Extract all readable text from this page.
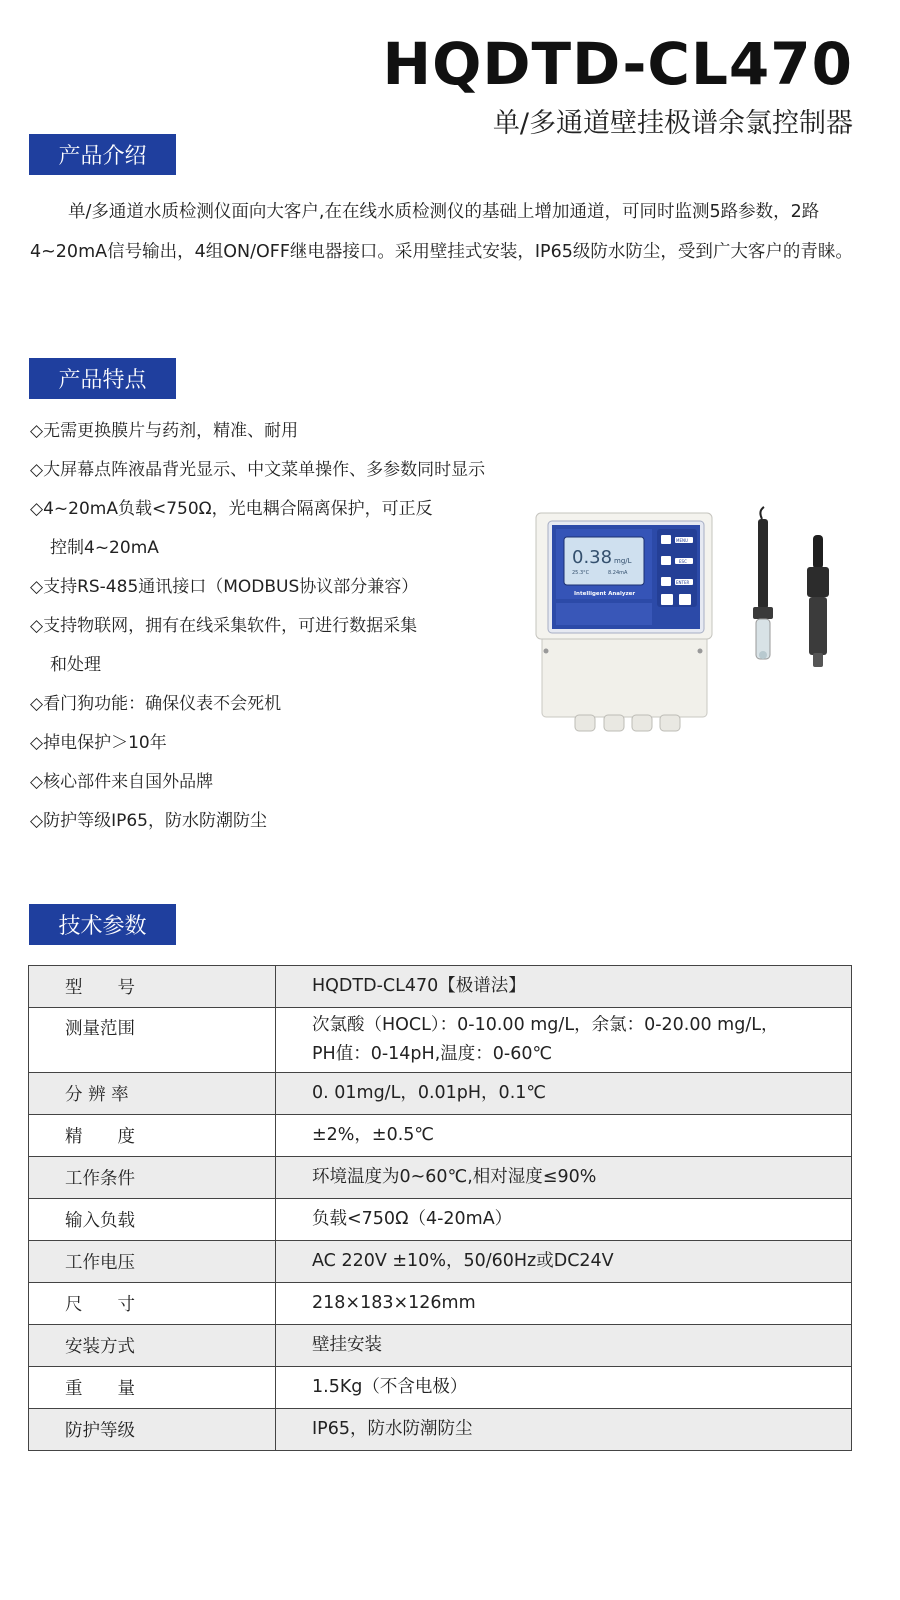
HQDTD-CL470
单/多通道壁挂极谱余氯控制器
产品介绍

单/多通道水质检测仪面向大客户,在在线水质检测仪的基础上增加通道，可同时监测5路参数，2路4~20mA信号输出，4组ON/OFF继电器接口。采用壁挂式安装，IP65级防水防尘，受到广大客户的青睐。

产品特点
◇无需更换膜片与药剂，精准、耐用
◇大屏幕点阵液晶背光显示、中文菜单操作、多参数同时显示
◇4~20mA负载<750Ω，光电耦合隔离保护，可正反
控制4~20mA
◇支持RS-485通讯接口（MODBUS协议部分兼容）
◇支持物联网，拥有在线采集软件，可进行数据采集
和处理
◇看门狗功能：确保仪表不会死机
◇掉电保护＞10年
◇核心部件来自国外品牌
◇防护等级IP65，防水防潮防尘
0.38 mg/L
25.3°C	8.24mA
Intelligent Analyzer
MENU
ESC
ENTER
技术参数
型　　号	HQDTD-CL470【极谱法】
测量范围	次氯酸（HOCL）：0-10.00 mg/L，余氯：0-20.00 mg/L，
PH值：0-14pH,温度：0-60℃
分 辨 率	0. 01mg/L，0.01pH，0.1℃
精　　度	±2%，±0.5℃
工作条件	环境温度为0~60℃,相对湿度≤90%
输入负载	负载<750Ω（4-20mA）
工作电压	AC 220V ±10%，50/60Hz或DC24V
尺　　寸	218×183×126mm
安装方式	壁挂安装
重　　量	1.5Kg（不含电极）
防护等级	IP65，防水防潮防尘
